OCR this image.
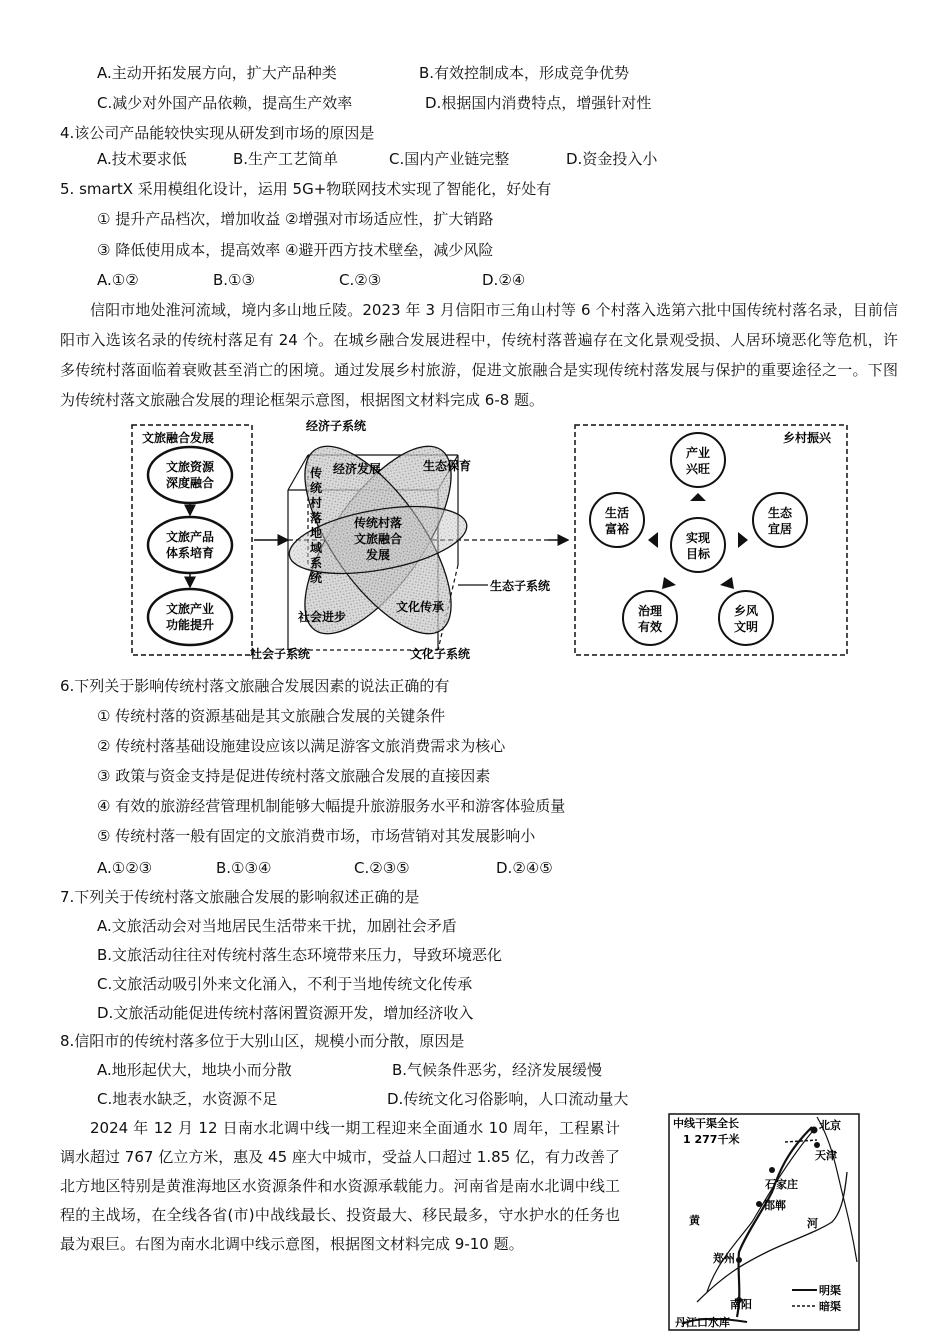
A.主动开拓发展方向，扩大产品种类	B.有效控制成本，形成竞争优势
C.减少对外国产品依赖，提高生产效率	D.根据国内消费特点，增强针对性
4.该公司产品能较快实现从研发到市场的原因是
A.技术要求低	B.生产工艺简单	C.国内产业链完整	D.资金投入小
5. smartX 采用模组化设计，运用 5G+物联网技术实现了智能化，好处有
① 提升产品档次，增加收益 ②增强对市场适应性，扩大销路
③ 降低使用成本，提高效率 ④避开西方技术壁垒，减少风险
A.①②	B.①③	C.②③	D.②④
信阳市地处淮河流域，境内多山地丘陵。2023 年 3 月信阳市三角山村等 6 个村落入选第六批中国传统村落名录，目前信阳市入选该名录的传统村落足有 24 个。在城乡融合发展进程中，传统村落普遍存在文化景观受损、人居环境恶化等危机，许多传统村落面临着衰败甚至消亡的困境。通过发展乡村旅游，促进文旅融合是实现传统村落发展与保护的重要途径之一。下图为传统村落文旅融合发展的理论框架示意图，根据图文材料完成 6-8 题。
文旅融合发展
文旅资源
深度融合
文旅产品
体系培育
文旅产业
功能提升
经济子系统
生态子系统
社会子系统	文化子系统
经济发展	生态保育
社会进步
文化传承
传统村落地域系统
传统村落
文旅融合
发展
乡村振兴
产业
兴旺
生活
富裕
生态
宜居
实现
目标
治理
有效
乡风
文明
6.下列关于影响传统村落文旅融合发展因素的说法正确的有
① 传统村落的资源基础是其文旅融合发展的关键条件
② 传统村落基础设施建设应该以满足游客文旅消费需求为核心
③ 政策与资金支持是促进传统村落文旅融合发展的直接因素
④ 有效的旅游经营管理机制能够大幅提升旅游服务水平和游客体验质量
⑤ 传统村落一般有固定的文旅消费市场，市场营销对其发展影响小
A.①②③	B.①③④	C.②③⑤	D.②④⑤
7.下列关于传统村落文旅融合发展的影响叙述正确的是
A.文旅活动会对当地居民生活带来干扰，加剧社会矛盾
B.文旅活动往往对传统村落生态环境带来压力，导致环境恶化
C.文旅活动吸引外来文化涌入，不利于当地传统文化传承
D.文旅活动能促进传统村落闲置资源开发，增加经济收入
8.信阳市的传统村落多位于大别山区，规模小而分散，原因是
A.地形起伏大，地块小而分散	B.气候条件恶劣，经济发展缓慢
C.地表水缺乏，水资源不足	D.传统文化习俗影响，人口流动量大
2024 年 12 月 12 日南水北调中线一期工程迎来全面通水 10 周年，工程累计调水超过 767 亿立方米，惠及 45 座大中城市，受益人口超过 1.85 亿，有力改善了北方地区特别是黄淮海地区水资源条件和水资源承载能力。河南省是南水北调中线工程的主战场，在全线各省(市)中战线最长、投资最大、移民最多，守水护水的任务也最为艰巨。右图为南水北调中线示意图，根据图文材料完成 9-10 题。
中线干渠全长
1 277千米
北京
天津
石家庄
邯郸
黄	河
郑州
南阳
丹江口水库
明渠
暗渠
